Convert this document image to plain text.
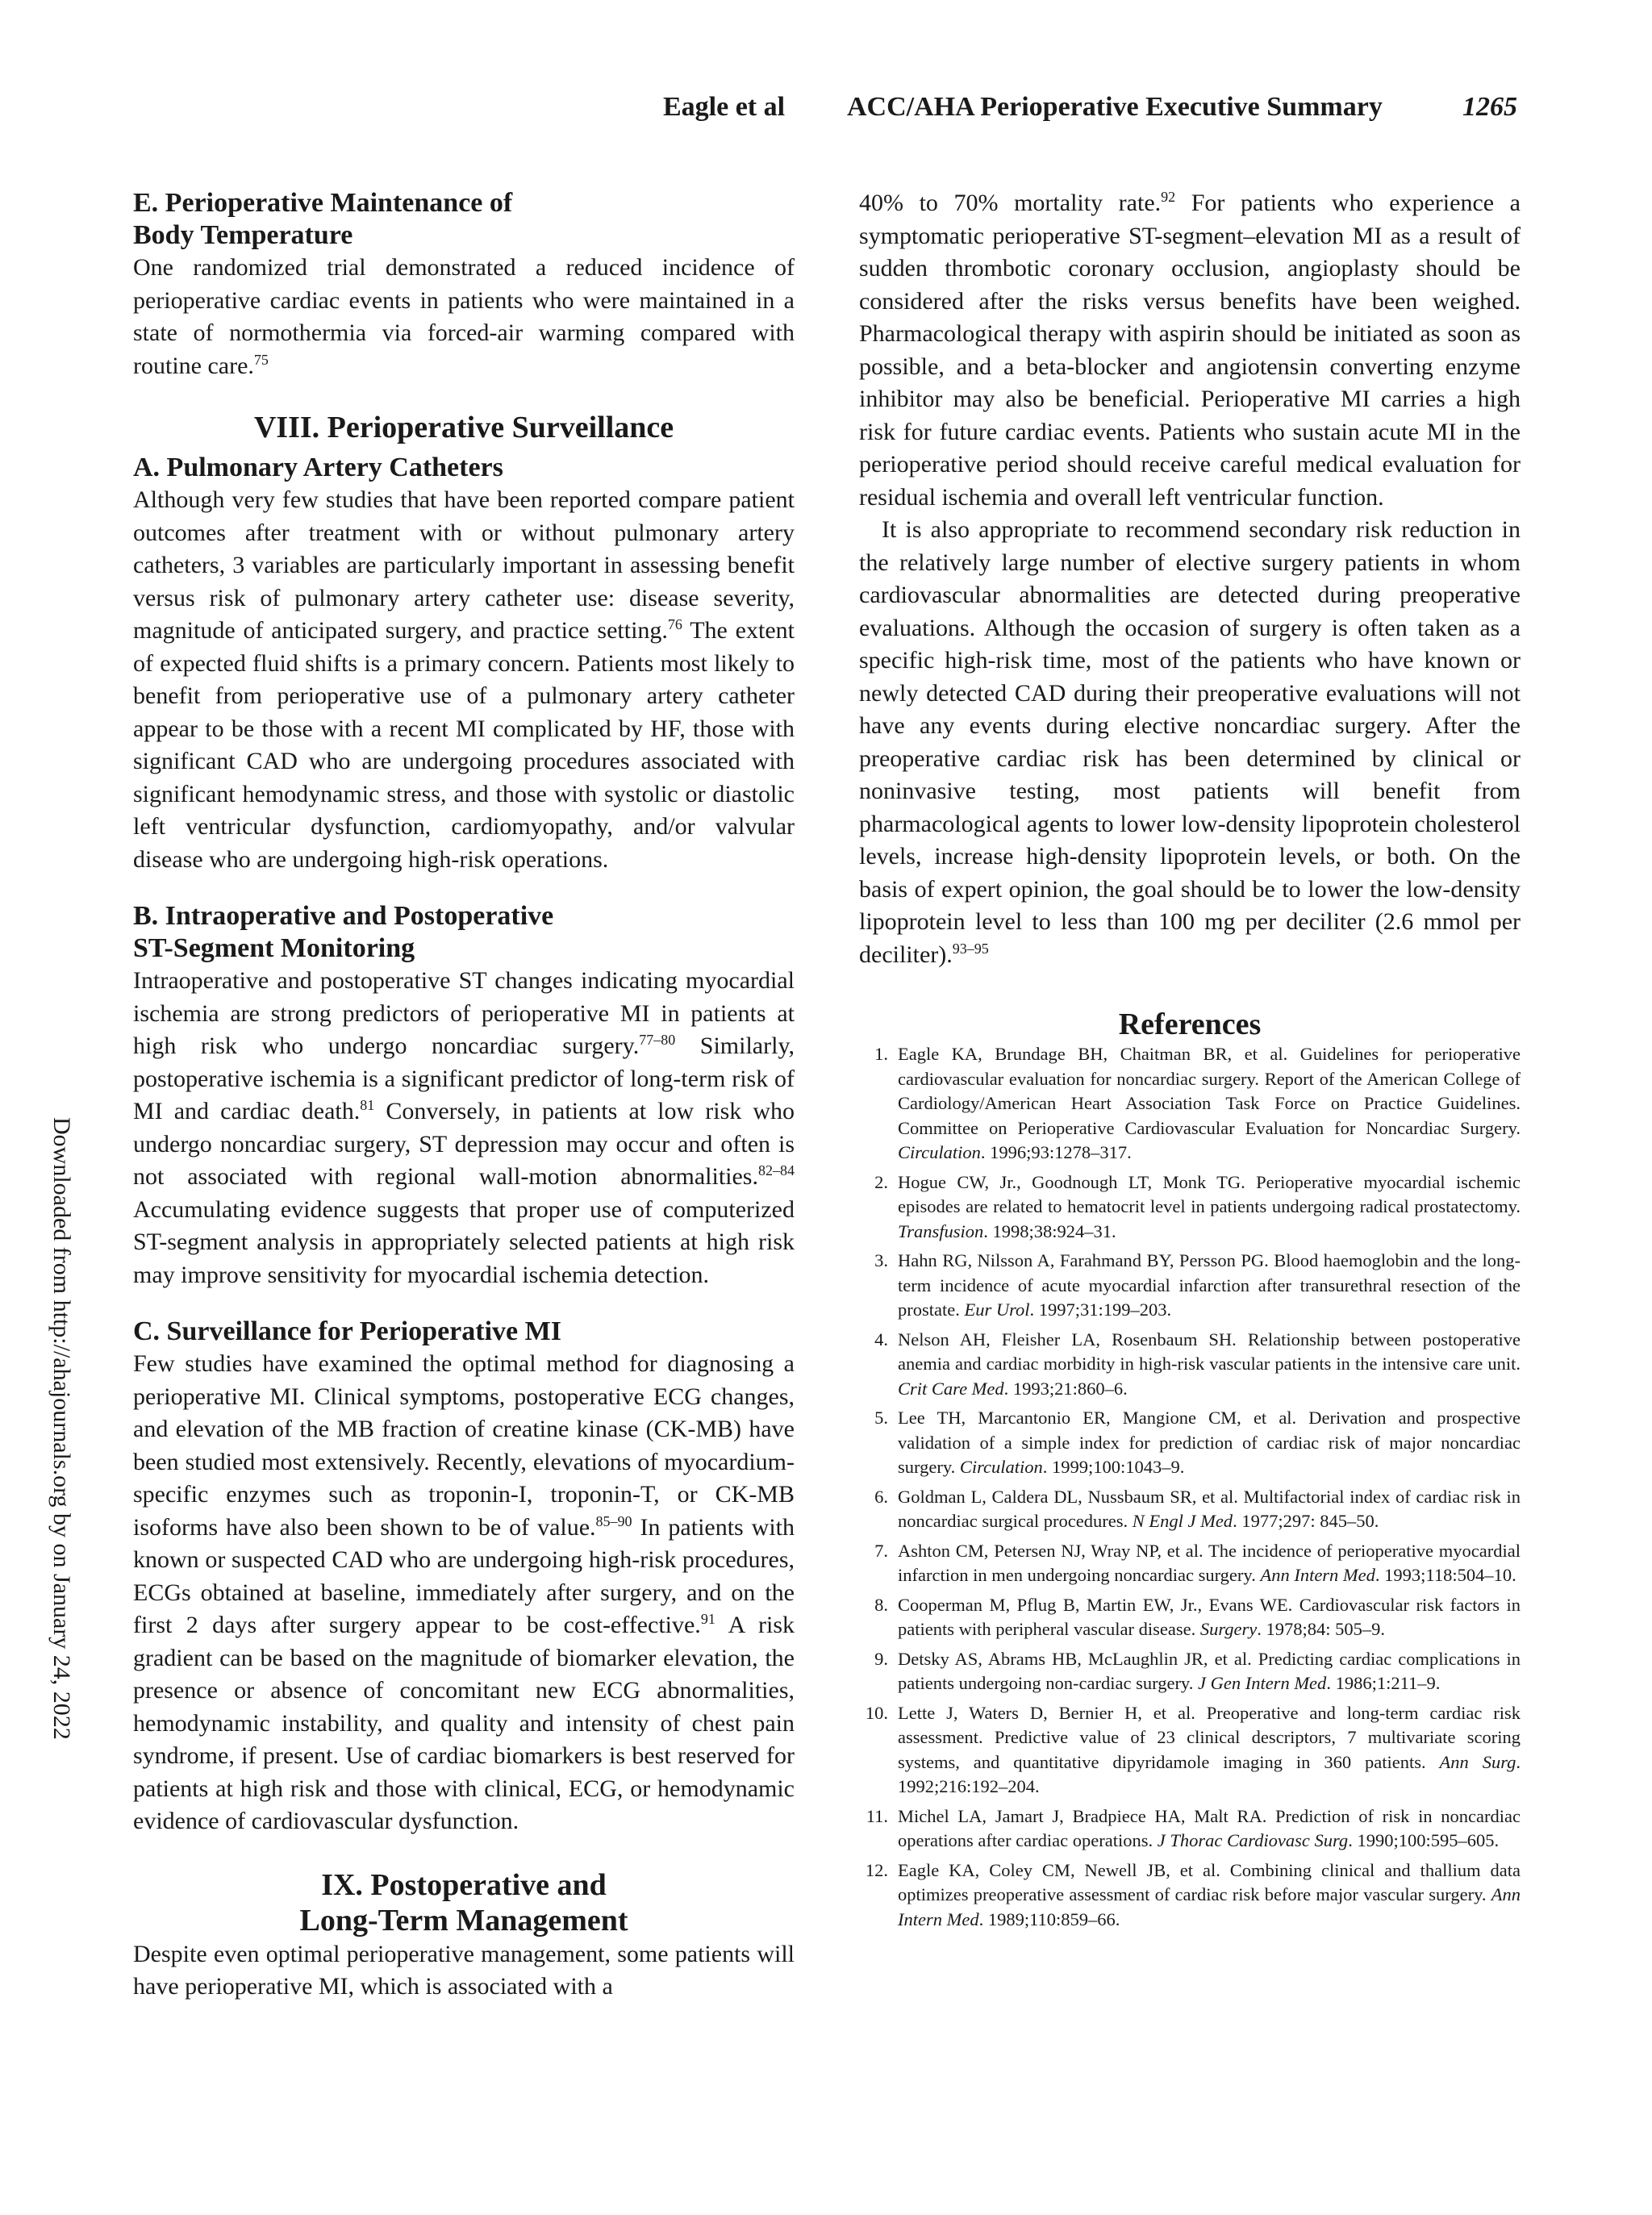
Eagle et al ACC/AHA Perioperative Executive Summary	1265
Downloaded from http://ahajournals.org by on January 24, 2022

E. Perioperative Maintenance of
Body Temperature

One randomized trial demonstrated a reduced incidence of perioperative cardiac events in patients who were maintained in a state of normothermia via forced-air warming compared with routine care.$^{75}$

VIII. Perioperative Surveillance

A. Pulmonary Artery Catheters

Although very few studies that have been reported compare patient outcomes after treatment with or without pulmonary artery catheters, 3 variables are particularly important in assessing benefit versus risk of pulmonary artery catheter use: disease severity, magnitude of anticipated surgery, and practice setting.$^{76}$ The extent of expected fluid shifts is a primary concern. Patients most likely to benefit from perioperative use of a pulmonary artery catheter appear to be those with a recent MI complicated by HF, those with significant CAD who are undergoing procedures associated with significant hemodynamic stress, and those with systolic or diastolic left ventricular dysfunction, cardiomyopathy, and/or valvular disease who are undergoing high-risk operations.

B. Intraoperative and Postoperative
ST-Segment Monitoring

Intraoperative and postoperative ST changes indicating myocardial ischemia are strong predictors of perioperative MI in patients at high risk who undergo noncardiac surgery.$^{77-80}$ Similarly, postoperative ischemia is a significant predictor of long-term risk of MI and cardiac death.$^{81}$ Conversely, in patients at low risk who undergo noncardiac surgery, ST depression may occur and often is not associated with regional wall-motion abnormalities.$^{82-84}$ Accumulating evidence suggests that proper use of computerized ST-segment analysis in appropriately selected patients at high risk may improve sensitivity for myocardial ischemia detection.

C. Surveillance for Perioperative MI

Few studies have examined the optimal method for diagnosing a perioperative MI. Clinical symptoms, postoperative ECG changes, and elevation of the MB fraction of creatine kinase (CK-MB) have been studied most extensively. Recently, elevations of myocardium-specific enzymes such as troponin-I, troponin-T, or CK-MB isoforms have also been shown to be of value.$^{85-90}$ In patients with known or suspected CAD who are undergoing high-risk procedures, ECGs obtained at baseline, immediately after surgery, and on the first 2 days after surgery appear to be cost-effective.$^{91}$ A risk gradient can be based on the magnitude of biomarker elevation, the presence or absence of concomitant new ECG abnormalities, hemodynamic instability, and quality and intensity of chest pain syndrome, if present. Use of cardiac biomarkers is best reserved for patients at high risk and those with clinical, ECG, or hemodynamic evidence of cardiovascular dysfunction.

IX. Postoperative and
Long-Term Management

Despite even optimal perioperative management, some patients will have perioperative MI, which is associated with a

40% to 70% mortality rate.$^{92}$ For patients who experience a symptomatic perioperative ST-segment–elevation MI as a result of sudden thrombotic coronary occlusion, angioplasty should be considered after the risks versus benefits have been weighed. Pharmacological therapy with aspirin should be initiated as soon as possible, and a beta-blocker and angiotensin converting enzyme inhibitor may also be beneficial. Perioperative MI carries a high risk for future cardiac events. Patients who sustain acute MI in the perioperative period should receive careful medical evaluation for residual ischemia and overall left ventricular function.

It is also appropriate to recommend secondary risk reduction in the relatively large number of elective surgery patients in whom cardiovascular abnormalities are detected during preoperative evaluations. Although the occasion of surgery is often taken as a specific high-risk time, most of the patients who have known or newly detected CAD during their preoperative evaluations will not have any events during elective noncardiac surgery. After the preoperative cardiac risk has been determined by clinical or noninvasive testing, most patients will benefit from pharmacological agents to lower low-density lipoprotein cholesterol levels, increase high-density lipoprotein levels, or both. On the basis of expert opinion, the goal should be to lower the low-density lipoprotein level to less than 100 mg per deciliter (2.6 mmol per deciliter).$^{93-95}$

References

1. Eagle KA, Brundage BH, Chaitman BR, et al. Guidelines for perioperative cardiovascular evaluation for noncardiac surgery. Report of the American College of Cardiology/American Heart Association Task Force on Practice Guidelines. Committee on Perioperative Cardiovascular Evaluation for Noncardiac Surgery. Circulation. 1996;93:1278–317.
2. Hogue CW, Jr., Goodnough LT, Monk TG. Perioperative myocardial ischemic episodes are related to hematocrit level in patients undergoing radical prostatectomy. Transfusion. 1998;38:924–31.
3. Hahn RG, Nilsson A, Farahmand BY, Persson PG. Blood haemoglobin and the long-term incidence of acute myocardial infarction after transurethral resection of the prostate. Eur Urol. 1997;31:199–203.
4. Nelson AH, Fleisher LA, Rosenbaum SH. Relationship between postoperative anemia and cardiac morbidity in high-risk vascular patients in the intensive care unit. Crit Care Med. 1993;21:860–6.
5. Lee TH, Marcantonio ER, Mangione CM, et al. Derivation and prospective validation of a simple index for prediction of cardiac risk of major noncardiac surgery. Circulation. 1999;100:1043–9.
6. Goldman L, Caldera DL, Nussbaum SR, et al. Multifactorial index of cardiac risk in noncardiac surgical procedures. N Engl J Med. 1977;297: 845–50.
7. Ashton CM, Petersen NJ, Wray NP, et al. The incidence of perioperative myocardial infarction in men undergoing noncardiac surgery. Ann Intern Med. 1993;118:504–10.
8. Cooperman M, Pflug B, Martin EW, Jr., Evans WE. Cardiovascular risk factors in patients with peripheral vascular disease. Surgery. 1978;84: 505–9.
9. Detsky AS, Abrams HB, McLaughlin JR, et al. Predicting cardiac complications in patients undergoing non-cardiac surgery. J Gen Intern Med. 1986;1:211–9.
10. Lette J, Waters D, Bernier H, et al. Preoperative and long-term cardiac risk assessment. Predictive value of 23 clinical descriptors, 7 multivariate scoring systems, and quantitative dipyridamole imaging in 360 patients. Ann Surg. 1992;216:192–204.
11. Michel LA, Jamart J, Bradpiece HA, Malt RA. Prediction of risk in noncardiac operations after cardiac operations. J Thorac Cardiovasc Surg. 1990;100:595–605.
12. Eagle KA, Coley CM, Newell JB, et al. Combining clinical and thallium data optimizes preoperative assessment of cardiac risk before major vascular surgery. Ann Intern Med. 1989;110:859–66.
